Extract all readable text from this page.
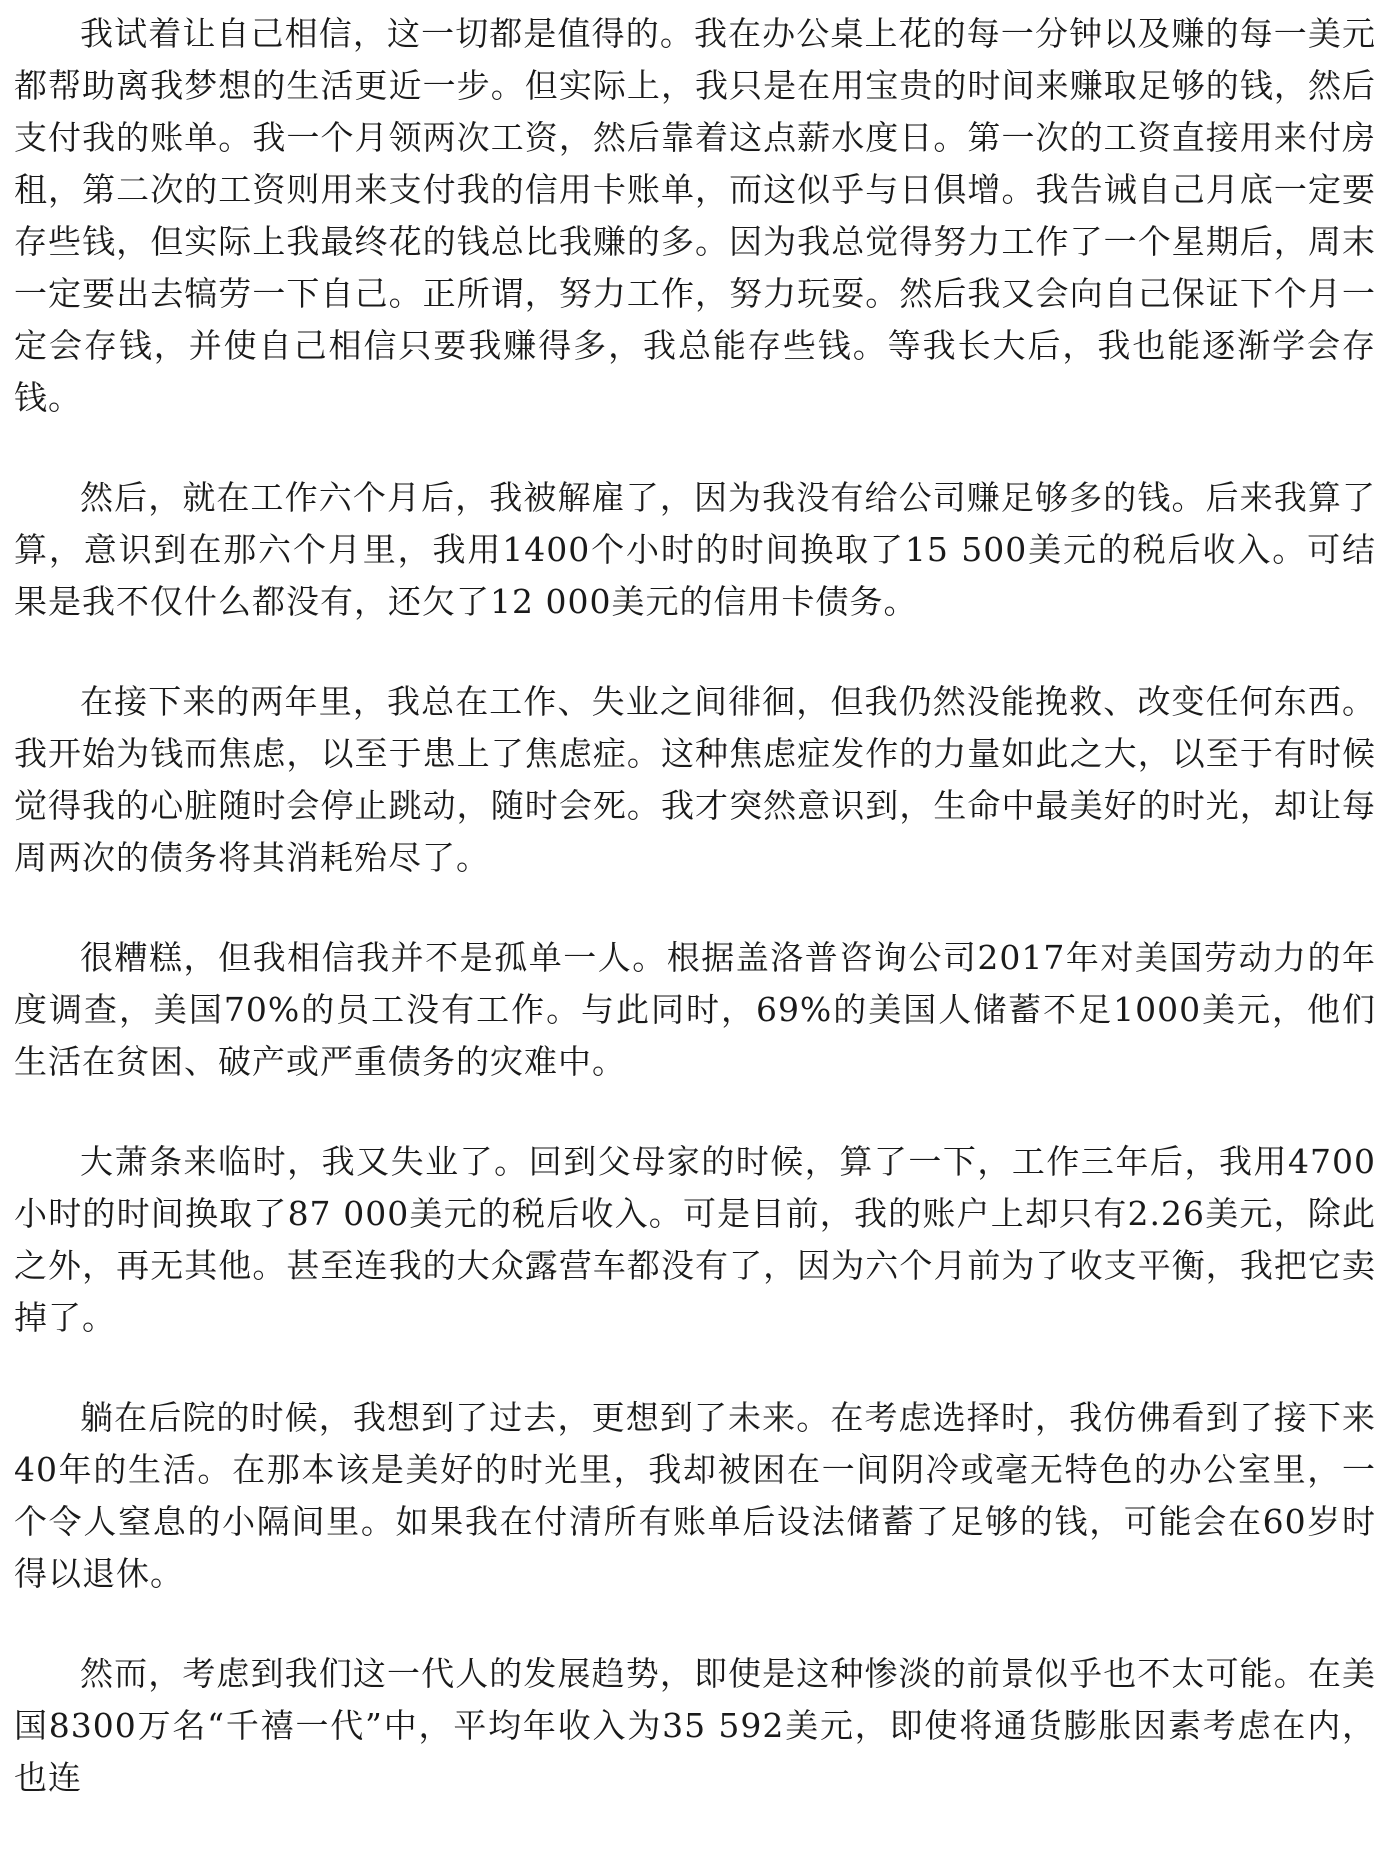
我试着让自己相信，这一切都是值得的。我在办公桌上花的每一分钟以及赚的每一美元都帮助离我梦想的生活更近一步。但实际上，我只是在用宝贵的时间来赚取足够的钱，然后支付我的账单。我一个月领两次工资，然后靠着这点薪水度日。第一次的工资直接用来付房租，第二次的工资则用来支付我的信用卡账单，而这似乎与日俱增。我告诫自己月底一定要存些钱，但实际上我最终花的钱总比我赚的多。因为我总觉得努力工作了一个星期后，周末一定要出去犒劳一下自己。正所谓，努力工作，努力玩耍。然后我又会向自己保证下个月一定会存钱，并使自己相信只要我赚得多，我总能存些钱。等我长大后，我也能逐渐学会存钱。

然后，就在工作六个月后，我被解雇了，因为我没有给公司赚足够多的钱。后来我算了算，意识到在那六个月里，我用1400个小时的时间换取了15 500美元的税后收入。可结果是我不仅什么都没有，还欠了12 000美元的信用卡债务。

在接下来的两年里，我总在工作、失业之间徘徊，但我仍然没能挽救、改变任何东西。我开始为钱而焦虑，以至于患上了焦虑症。这种焦虑症发作的力量如此之大，以至于有时候觉得我的心脏随时会停止跳动，随时会死。我才突然意识到，生命中最美好的时光，却让每周两次的债务将其消耗殆尽了。

很糟糕，但我相信我并不是孤单一人。根据盖洛普咨询公司2017年对美国劳动力的年度调查，美国70%的员工没有工作。与此同时，69%的美国人储蓄不足1000美元，他们生活在贫困、破产或严重债务的灾难中。

大萧条来临时，我又失业了。回到父母家的时候，算了一下，工作三年后，我用4700小时的时间换取了87 000美元的税后收入。可是目前，我的账户上却只有2.26美元，除此之外，再无其他。甚至连我的大众露营车都没有了，因为六个月前为了收支平衡，我把它卖掉了。

躺在后院的时候，我想到了过去，更想到了未来。在考虑选择时，我仿佛看到了接下来40年的生活。在那本该是美好的时光里，我却被困在一间阴冷或毫无特色的办公室里，一个令人窒息的小隔间里。如果我在付清所有账单后设法储蓄了足够的钱，可能会在60岁时得以退休。

然而，考虑到我们这一代人的发展趋势，即使是这种惨淡的前景似乎也不太可能。在美国8300万名“千禧一代”中，平均年收入为35 592美元，即使将通货膨胀因素考虑在内，也连
